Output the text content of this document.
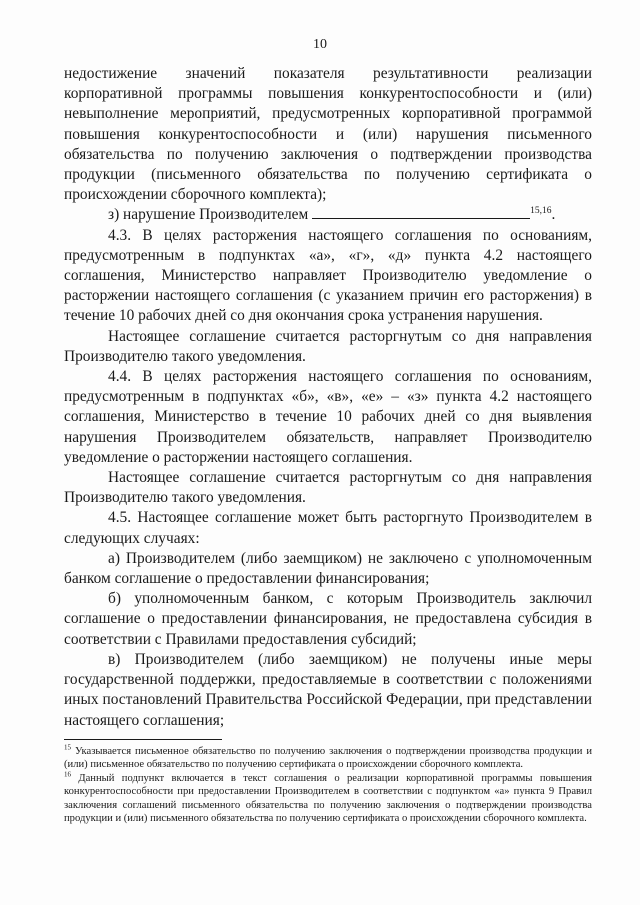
10

недостижение значений показателя результативности реализации корпоративной программы повышения конкурентоспособности и (или) невыполнение мероприятий, предусмотренных корпоративной программой повышения конкурентоспособности и (или) нарушения письменного обязательства по получению заключения о подтверждении производства продукции (письменного обязательства по получению сертификата о происхождении сборочного комплекта);

з) нарушение Производителем	$^{15,16}$.

4.3. В целях расторжения настоящего соглашения по основаниям, предусмотренным в подпунктах «а», «г», «д» пункта 4.2 настоящего соглашения, Министерство направляет Производителю уведомление о расторжении настоящего соглашения (с указанием причин его расторжения) в течение 10 рабочих дней со дня окончания срока устранения нарушения.

Настоящее соглашение считается расторгнутым со дня направления Производителю такого уведомления.

4.4. В целях расторжения настоящего соглашения по основаниям, предусмотренным в подпунктах «б», «в», «е» – «з» пункта 4.2 настоящего соглашения, Министерство в течение 10 рабочих дней со дня выявления нарушения Производителем обязательств, направляет Производителю уведомление о расторжении настоящего соглашения.

Настоящее соглашение считается расторгнутым со дня направления Производителю такого уведомления.

4.5. Настоящее соглашение может быть расторгнуто Производителем в следующих случаях:

а) Производителем (либо заемщиком) не заключено с уполномоченным банком соглашение о предоставлении финансирования;

б) уполномоченным банком, с которым Производитель заключил соглашение о предоставлении финансирования, не предоставлена субсидия в соответствии с Правилами предоставления субсидий;

в) Производителем (либо заемщиком) не получены иные меры государственной поддержки, предоставляемые в соответствии с положениями иных постановлений Правительства Российской Федерации, при представлении настоящего соглашения;

$^{15}$ Указывается письменное обязательство по получению заключения о подтверждении производства продукции и (или) письменное обязательство по получению сертификата о происхождении сборочного комплекта.

$^{16}$ Данный подпункт включается в текст соглашения о реализации корпоративной программы повышения конкурентоспособности при предоставлении Производителем в соответствии с подпунктом «а» пункта 9 Правил заключения соглашений письменного обязательства по получению заключения о подтверждении производства продукции и (или) письменного обязательства по получению сертификата о происхождении сборочного комплекта.
